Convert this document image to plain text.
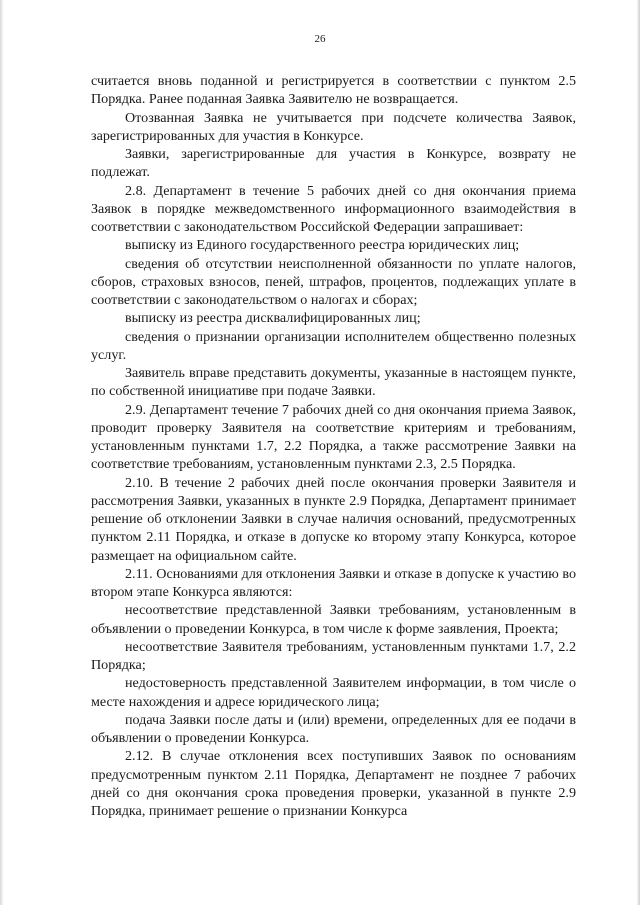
26

считается вновь поданной и регистрируется в соответствии с пунктом 2.5 Порядка. Ранее поданная Заявка Заявителю не возвращается.

Отозванная Заявка не учитывается при подсчете количества Заявок, зарегистрированных для участия в Конкурсе.

Заявки, зарегистрированные для участия в Конкурсе, возврату не подлежат.

2.8. Департамент в течение 5 рабочих дней со дня окончания приема Заявок в порядке межведомственного информационного взаимодействия в соответствии с законодательством Российской Федерации запрашивает:

выписку из Единого государственного реестра юридических лиц;

сведения об отсутствии неисполненной обязанности по уплате налогов, сборов, страховых взносов, пеней, штрафов, процентов, подлежащих уплате в соответствии с законодательством о налогах и сборах;

выписку из реестра дисквалифицированных лиц;

сведения о признании организации исполнителем общественно полезных услуг.

Заявитель вправе представить документы, указанные в настоящем пункте, по собственной инициативе при подаче Заявки.

2.9. Департамент течение 7 рабочих дней со дня окончания приема Заявок, проводит проверку Заявителя на соответствие критериям и требованиям, установленным пунктами 1.7, 2.2 Порядка, а также рассмотрение Заявки на соответствие требованиям, установленным пунктами 2.3, 2.5 Порядка.

2.10. В течение 2 рабочих дней после окончания проверки Заявителя и рассмотрения Заявки, указанных в пункте 2.9 Порядка, Департамент принимает решение об отклонении Заявки в случае наличия оснований, предусмотренных пунктом 2.11 Порядка, и отказе в допуске ко второму этапу Конкурса, которое размещает на официальном сайте.

2.11. Основаниями для отклонения Заявки и отказе в допуске к участию во втором этапе Конкурса являются:

несоответствие представленной Заявки требованиям, установленным в объявлении о проведении Конкурса, в том числе к форме заявления, Проекта;

несоответствие Заявителя требованиям, установленным пунктами 1.7, 2.2 Порядка;

недостоверность представленной Заявителем информации, в том числе о месте нахождения и адресе юридического лица;

подача Заявки после даты и (или) времени, определенных для ее подачи в объявлении о проведении Конкурса.

2.12. В случае отклонения всех поступивших Заявок по основаниям предусмотренным пунктом 2.11 Порядка, Департамент не позднее 7 рабочих дней со дня окончания срока проведения проверки, указанной в пункте 2.9 Порядка, принимает решение о признании Конкурса
